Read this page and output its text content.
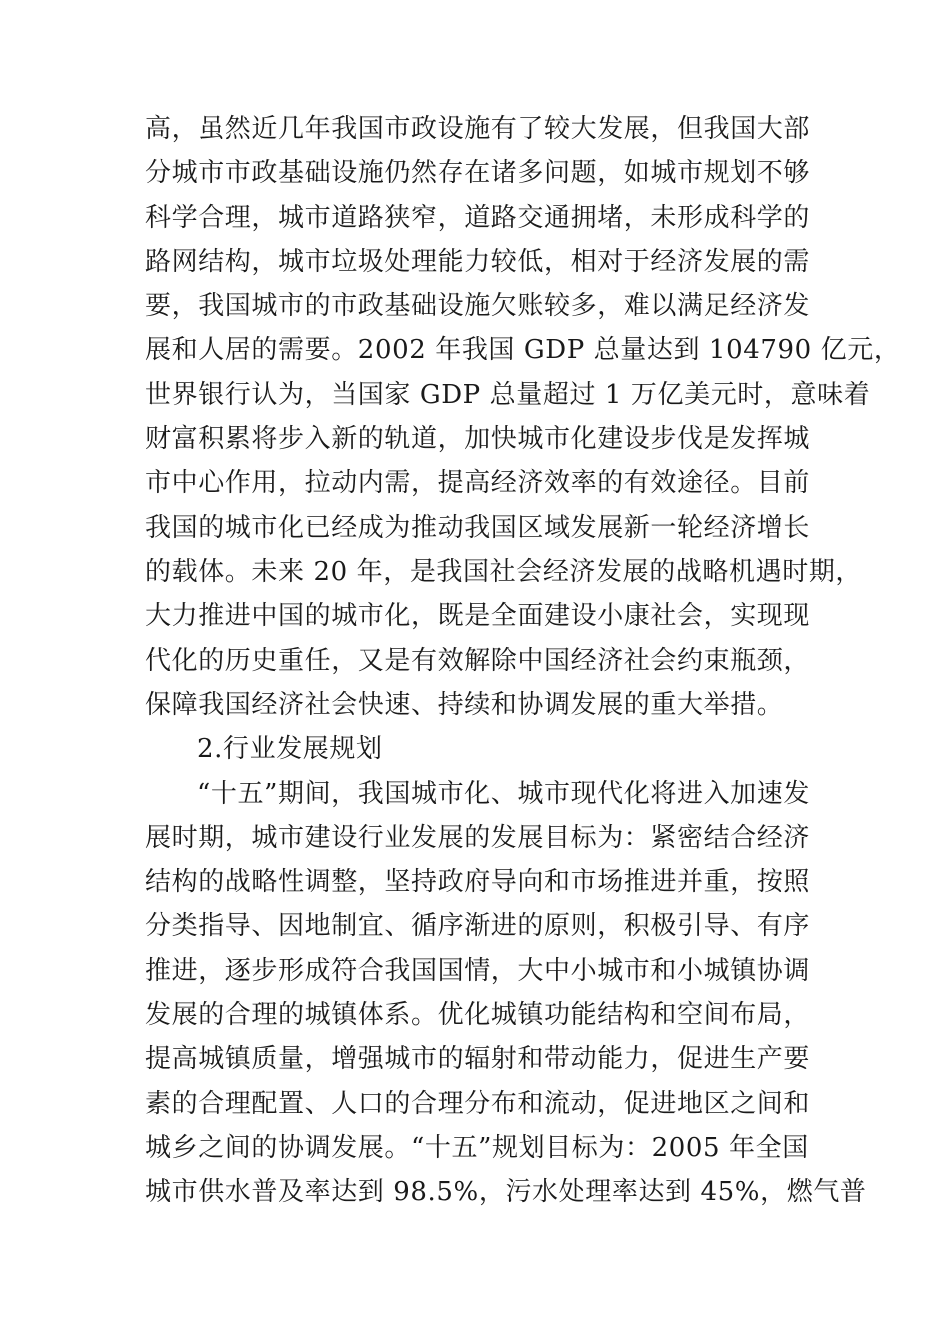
高，虽然近几年我国市政设施有了较大发展，但我国大部
分城市市政基础设施仍然存在诸多问题，如城市规划不够
科学合理，城市道路狭窄，道路交通拥堵，未形成科学的
路网结构，城市垃圾处理能力较低，相对于经济发展的需
要，我国城市的市政基础设施欠账较多，难以满足经济发
展和人居的需要。2002 年我国 GDP 总量达到 104790 亿元，
世界银行认为，当国家 GDP 总量超过 1 万亿美元时，意味着
财富积累将步入新的轨道，加快城市化建设步伐是发挥城
市中心作用，拉动内需，提高经济效率的有效途径。目前
我国的城市化已经成为推动我国区域发展新一轮经济增长
的载体。未来 20 年，是我国社会经济发展的战略机遇时期，
大力推进中国的城市化，既是全面建设小康社会，实现现
代化的历史重任，又是有效解除中国经济社会约束瓶颈，
保障我国经济社会快速、持续和协调发展的重大举措。
2.行业发展规划
“十五”期间，我国城市化、城市现代化将进入加速发
展时期，城市建设行业发展的发展目标为：紧密结合经济
结构的战略性调整，坚持政府导向和市场推进并重，按照
分类指导、因地制宜、循序渐进的原则，积极引导、有序
推进，逐步形成符合我国国情，大中小城市和小城镇协调
发展的合理的城镇体系。优化城镇功能结构和空间布局，
提高城镇质量，增强城市的辐射和带动能力，促进生产要
素的合理配置、人口的合理分布和流动，促进地区之间和
城乡之间的协调发展。“十五”规划目标为：2005 年全国
城市供水普及率达到 98.5%，污水处理率达到 45%，燃气普
